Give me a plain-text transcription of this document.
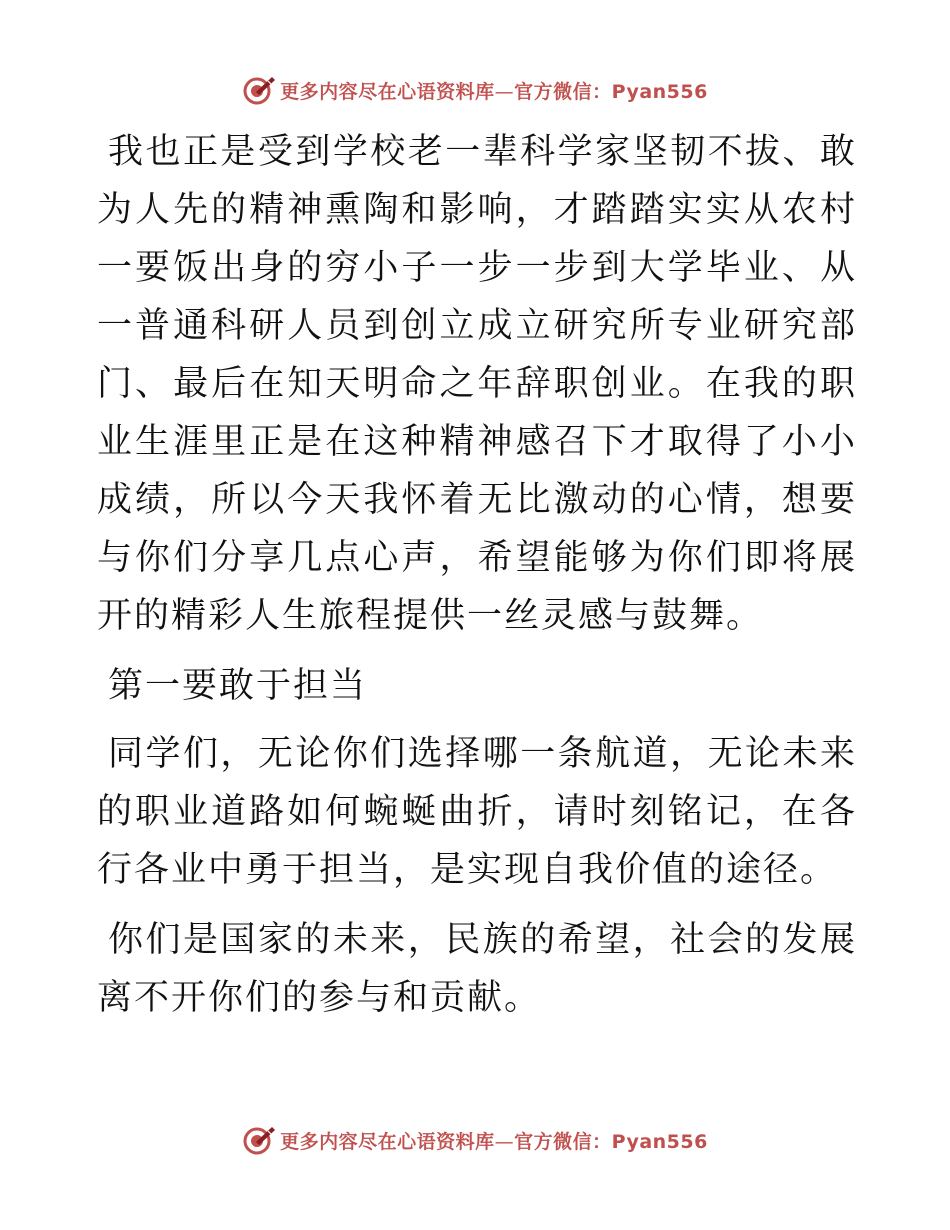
更多内容尽在心语资料库—官方微信：Pyan556

我也正是受到学校老一辈科学家坚韧不拔、敢为人先的精神熏陶和影响，才踏踏实实从农村一要饭出身的穷小子一步一步到大学毕业、从一普通科研人员到创立成立研究所专业研究部门、最后在知天明命之年辞职创业。在我的职业生涯里正是在这种精神感召下才取得了小小成绩，所以今天我怀着无比激动的心情，想要与你们分享几点心声，希望能够为你们即将展开的精彩人生旅程提供一丝灵感与鼓舞。

第一要敢于担当

同学们，无论你们选择哪一条航道，无论未来的职业道路如何蜿蜒曲折，请时刻铭记，在各行各业中勇于担当，是实现自我价值的途径。

你们是国家的未来，民族的希望，社会的发展离不开你们的参与和贡献。

更多内容尽在心语资料库—官方微信：Pyan556
